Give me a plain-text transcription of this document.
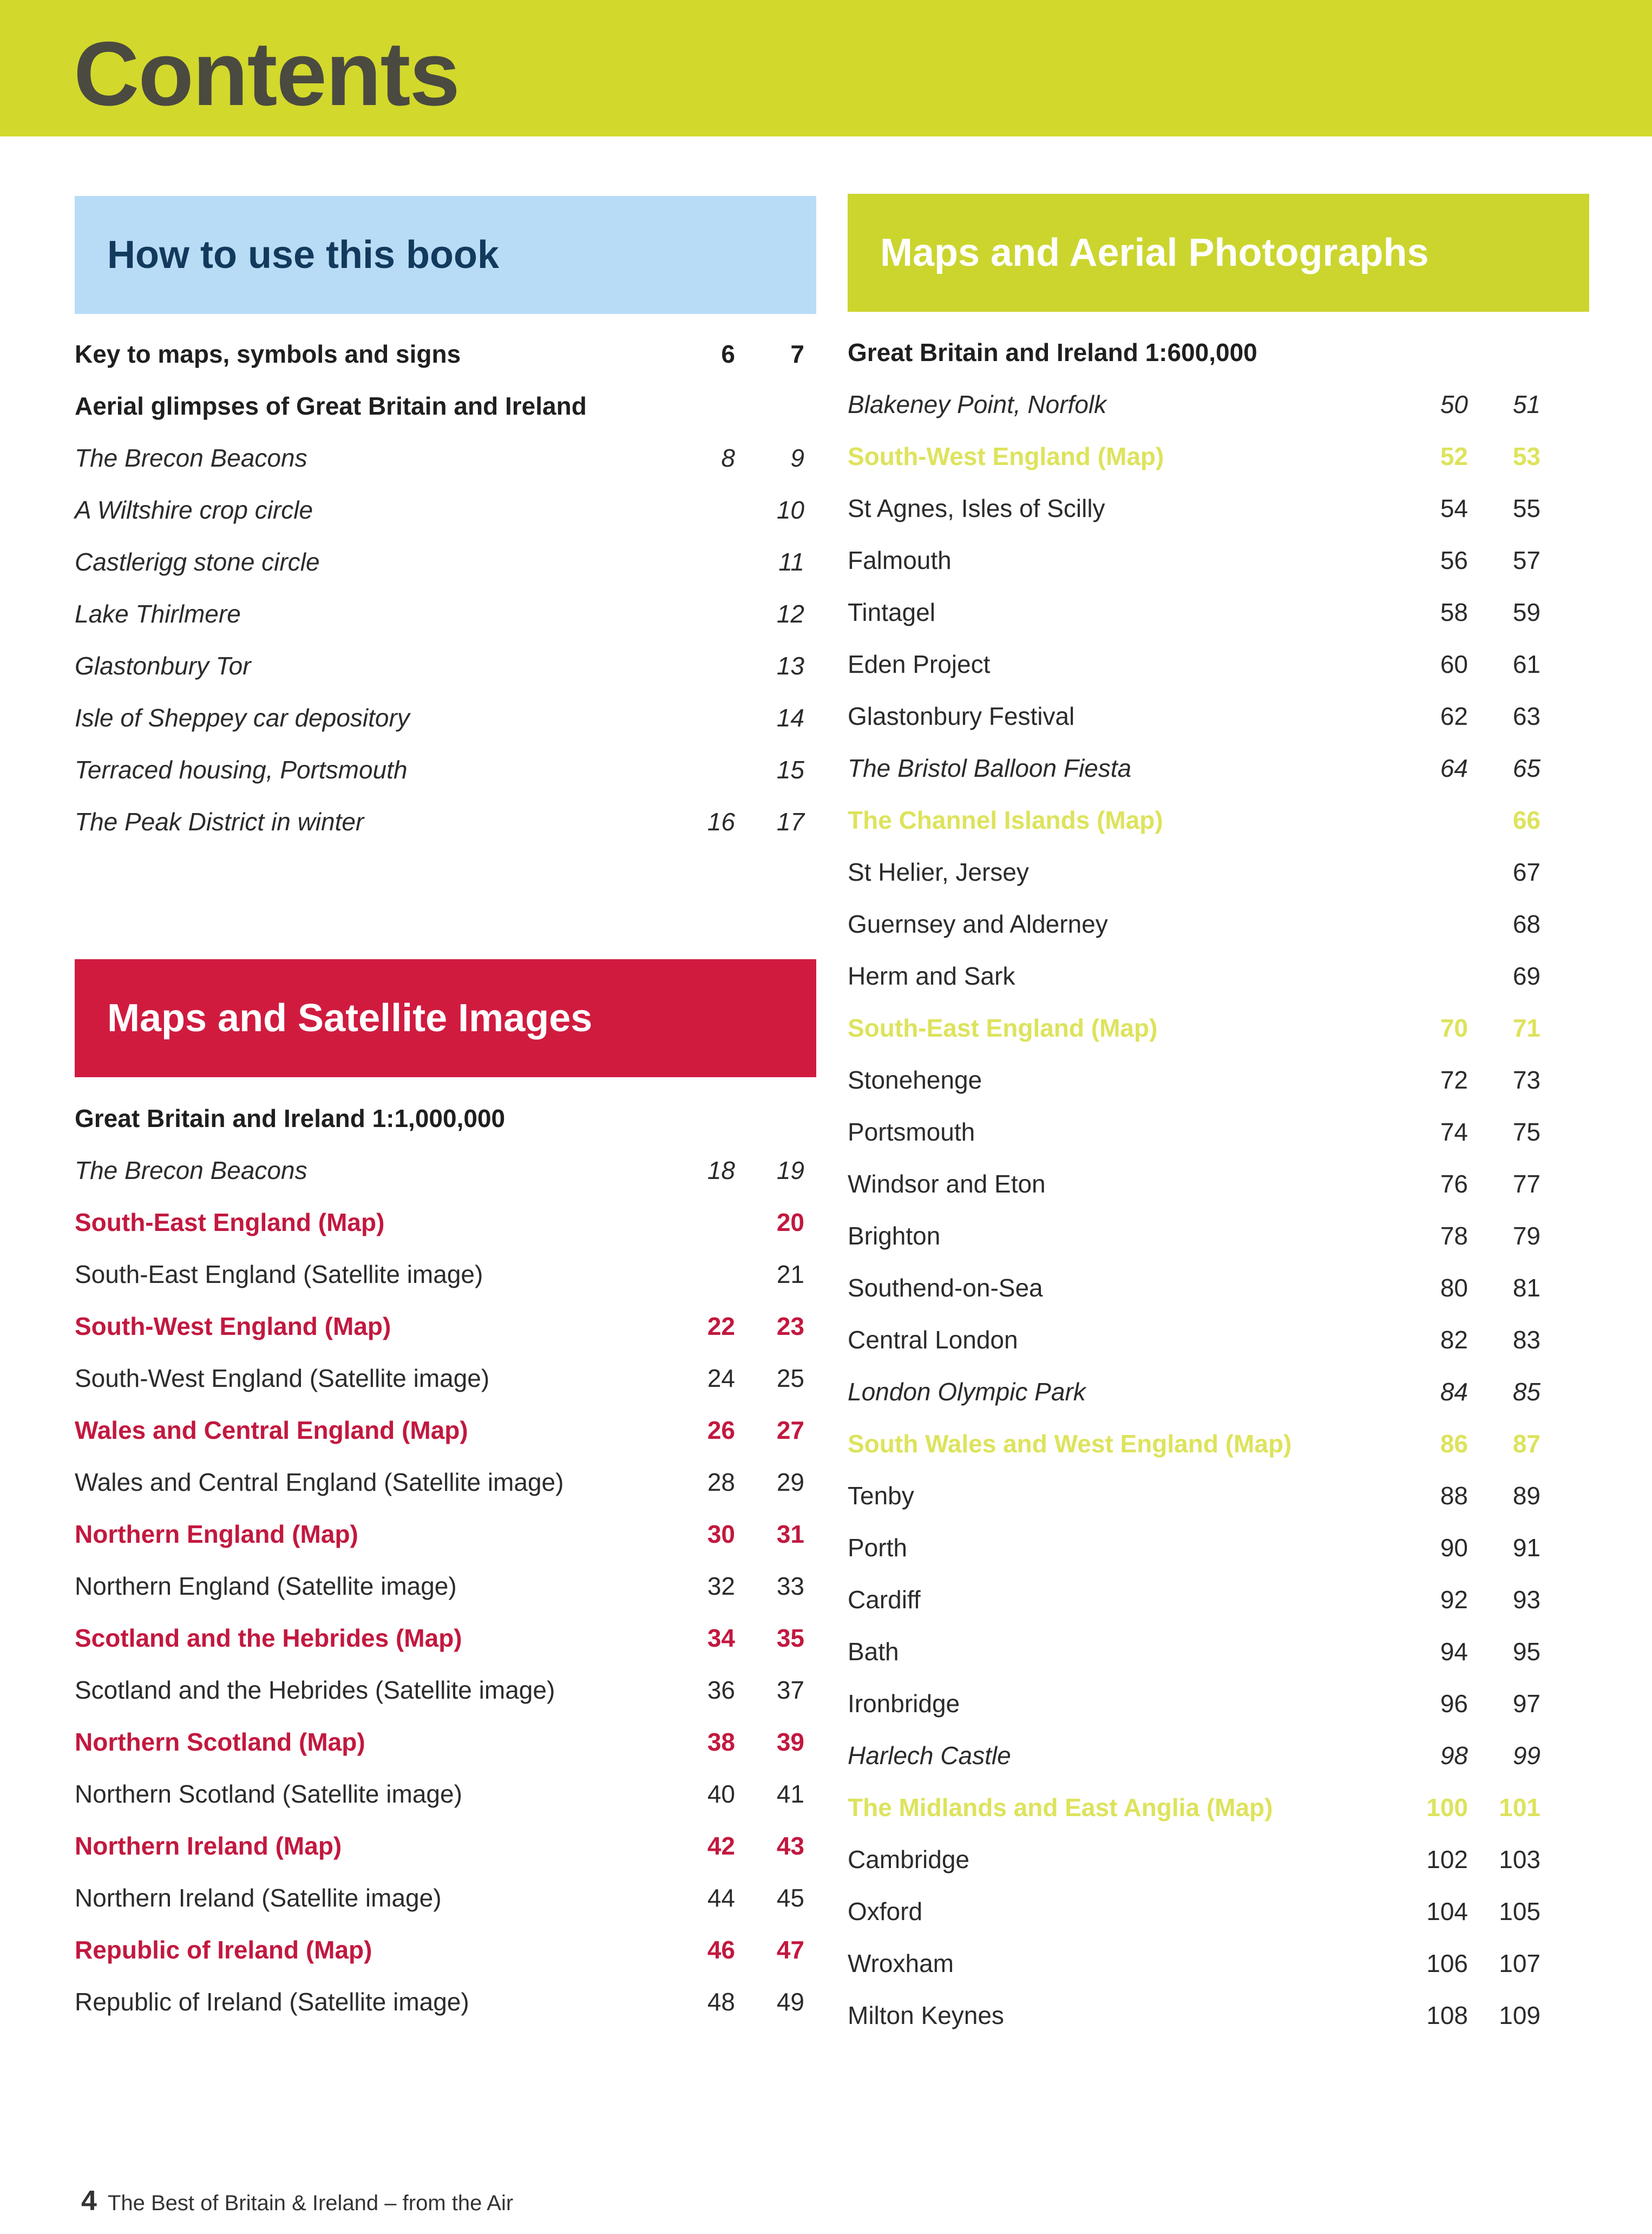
Contents
How to use this book
Key to maps, symbols and signs	6	7
Aerial glimpses of Great Britain and Ireland
The Brecon Beacons	8	9
A Wiltshire crop circle	10
Castlerigg stone circle	11
Lake Thirlmere	12
Glastonbury Tor	13
Isle of Sheppey car depository	14
Terraced housing, Portsmouth	15
The Peak District in winter	16	17
Maps and Satellite Images
Great Britain and Ireland 1:1,000,000
The Brecon Beacons	18	19
South-East England (Map)	20
South-East England (Satellite image)	21
South-West England (Map)	22	23
South-West England (Satellite image)	24	25
Wales and Central England (Map)	26	27
Wales and Central England (Satellite image)	28	29
Northern England (Map)	30	31
Northern England (Satellite image)	32	33
Scotland and the Hebrides (Map)	34	35
Scotland and the Hebrides (Satellite image)	36	37
Northern Scotland (Map)	38	39
Northern Scotland (Satellite image)	40	41
Northern Ireland (Map)	42	43
Northern Ireland (Satellite image)	44	45
Republic of Ireland (Map)	46	47
Republic of Ireland (Satellite image)	48	49
Maps and Aerial Photographs
Great Britain and Ireland 1:600,000
Blakeney Point, Norfolk	50	51
South-West England (Map)	52	53
St Agnes, Isles of Scilly	54	55
Falmouth	56	57
Tintagel	58	59
Eden Project	60	61
Glastonbury Festival	62	63
The Bristol Balloon Fiesta	64	65
The Channel Islands (Map)	66
St Helier, Jersey	67
Guernsey and Alderney	68
Herm and Sark	69
South-East England (Map)	70	71
Stonehenge	72	73
Portsmouth	74	75
Windsor and Eton	76	77
Brighton	78	79
Southend-on-Sea	80	81
Central London	82	83
London Olympic Park	84	85
South Wales and West England (Map)	86	87
Tenby	88	89
Porth	90	91
Cardiff	92	93
Bath	94	95
Ironbridge	96	97
Harlech Castle	98	99
The Midlands and East Anglia (Map)	100	101
Cambridge	102	103
Oxford	104	105
Wroxham	106	107
Milton Keynes	108	109
4 The Best of Britain & Ireland – from the Air
